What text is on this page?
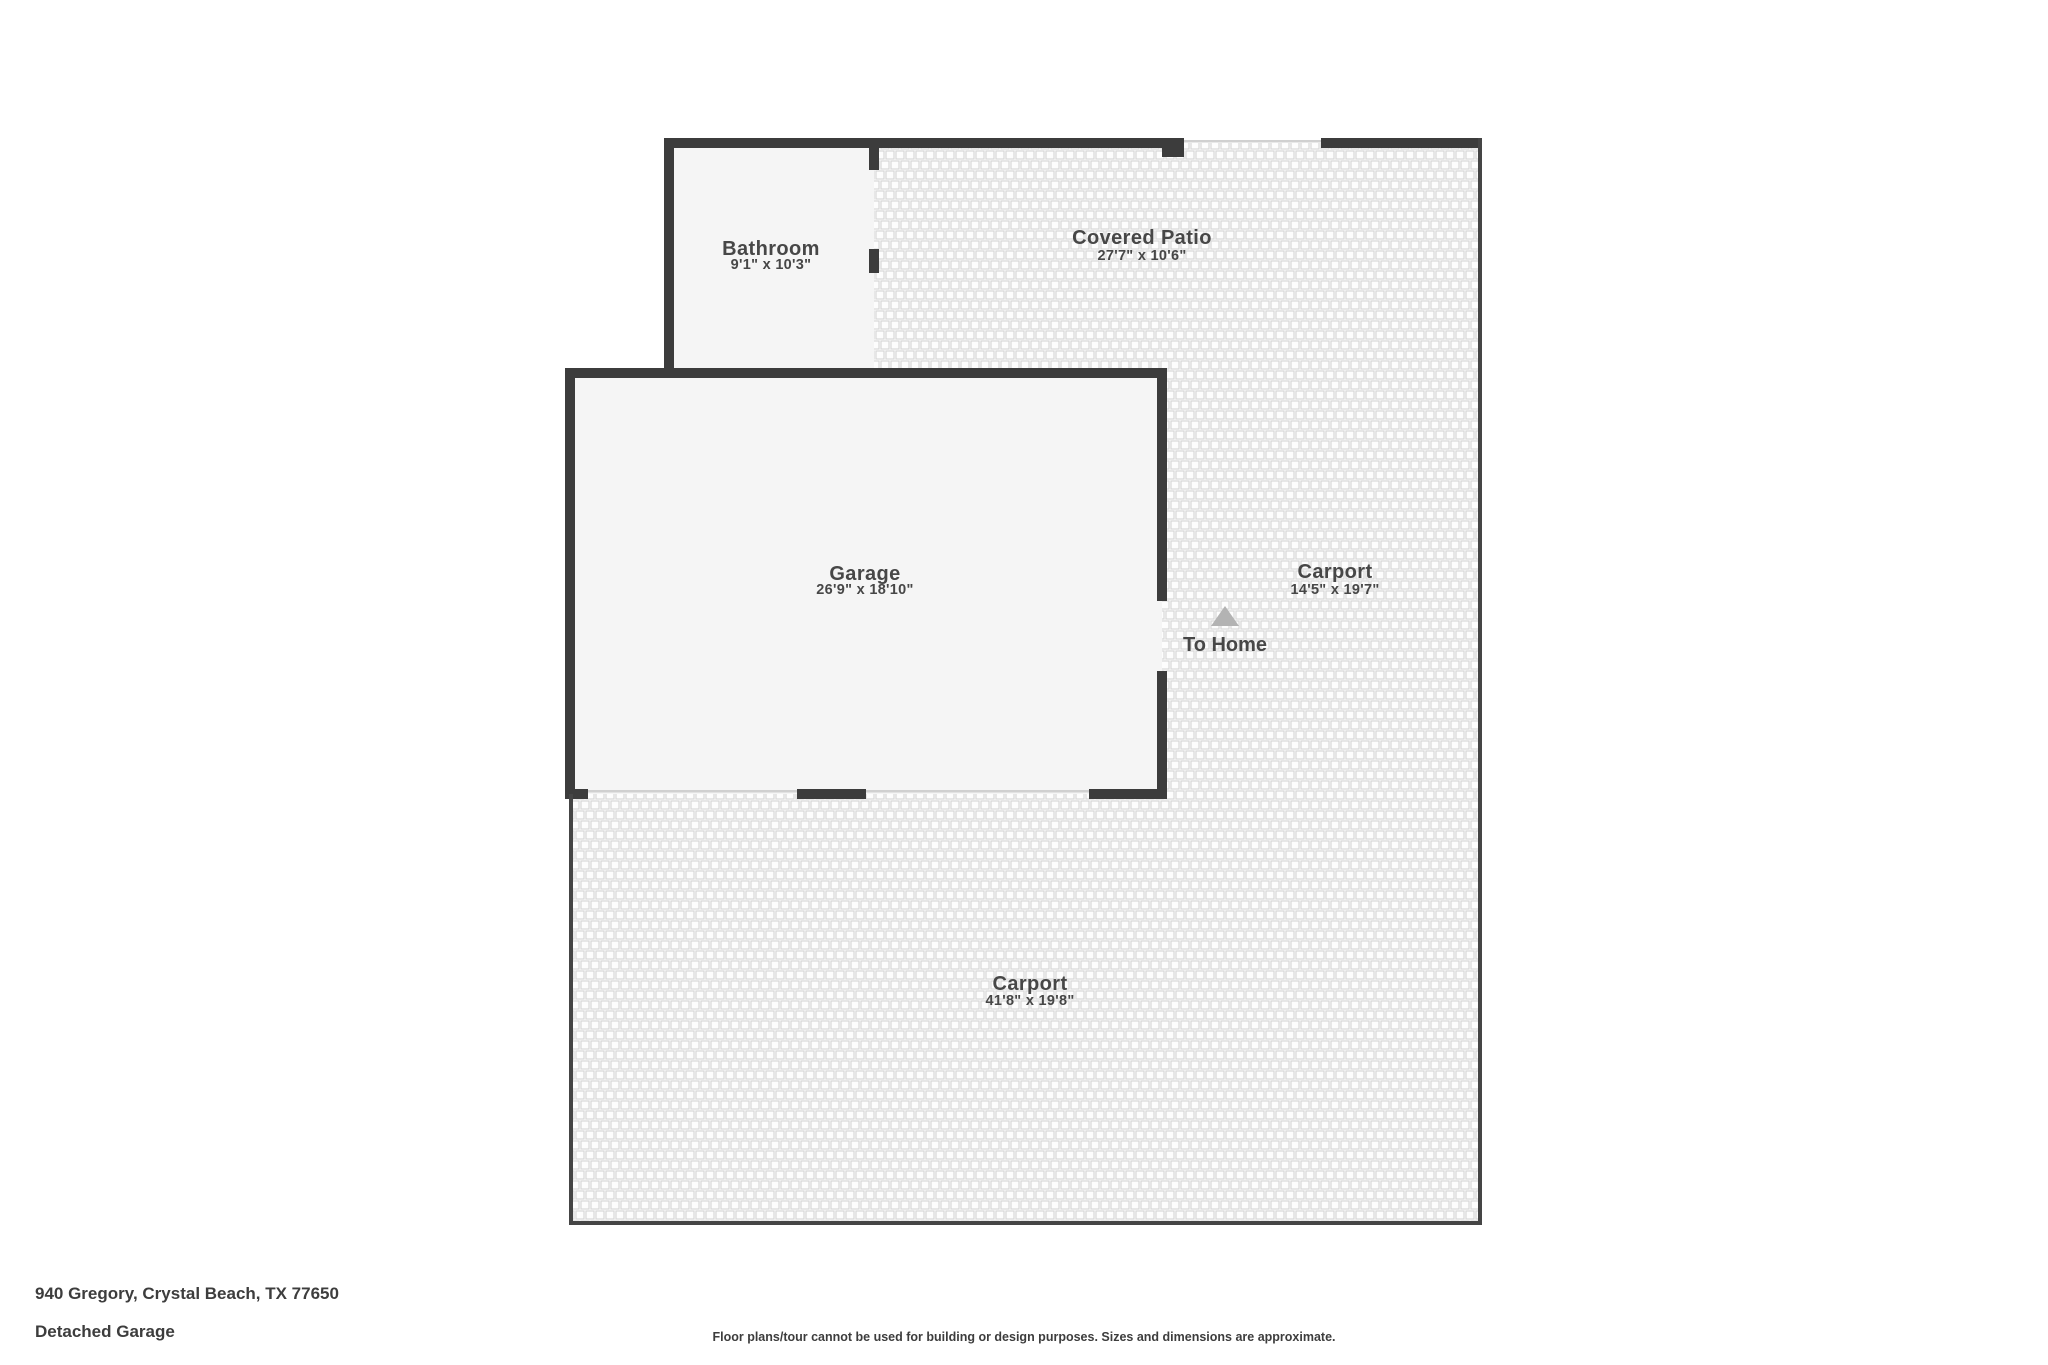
Bathroom
9'1" x 10'3"
Covered Patio
27'7" x 10'6"
Garage
26'9" x 18'10"
Carport
14'5" x 19'7"
To Home
Carport
41'8" x 19'8"
940 Gregory, Crystal Beach, TX 77650
Detached Garage	Floor plans/tour cannot be used for building or design purposes. Sizes and dimensions are approximate.
